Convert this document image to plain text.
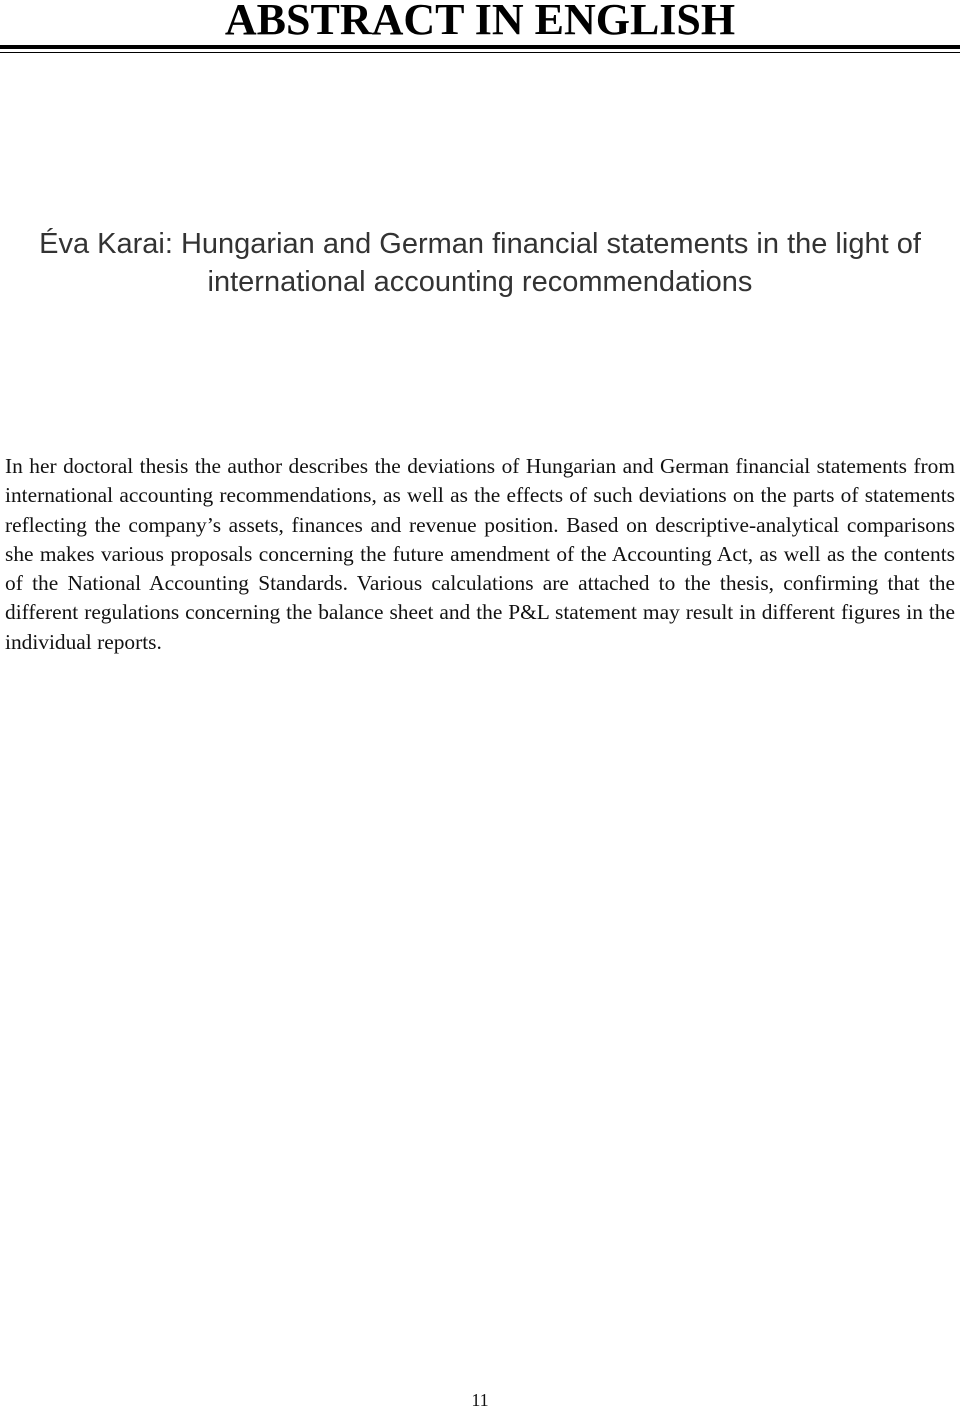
ABSTRACT IN ENGLISH
Éva Karai: Hungarian and German financial statements in the light of
international accounting recommendations

In her doctoral thesis the author describes the deviations of Hungarian and German financial statements from international accounting recommendations, as well as the effects of such deviations on the parts of statements reflecting the company’s assets, finances and revenue position. Based on descriptive-analytical comparisons she makes various proposals concerning the future amendment of the Accounting Act, as well as the contents of the National Accounting Standards. Various calculations are attached to the thesis, confirming that the different regulations concerning the balance sheet and the P&L statement may result in different figures in the individual reports.

11
